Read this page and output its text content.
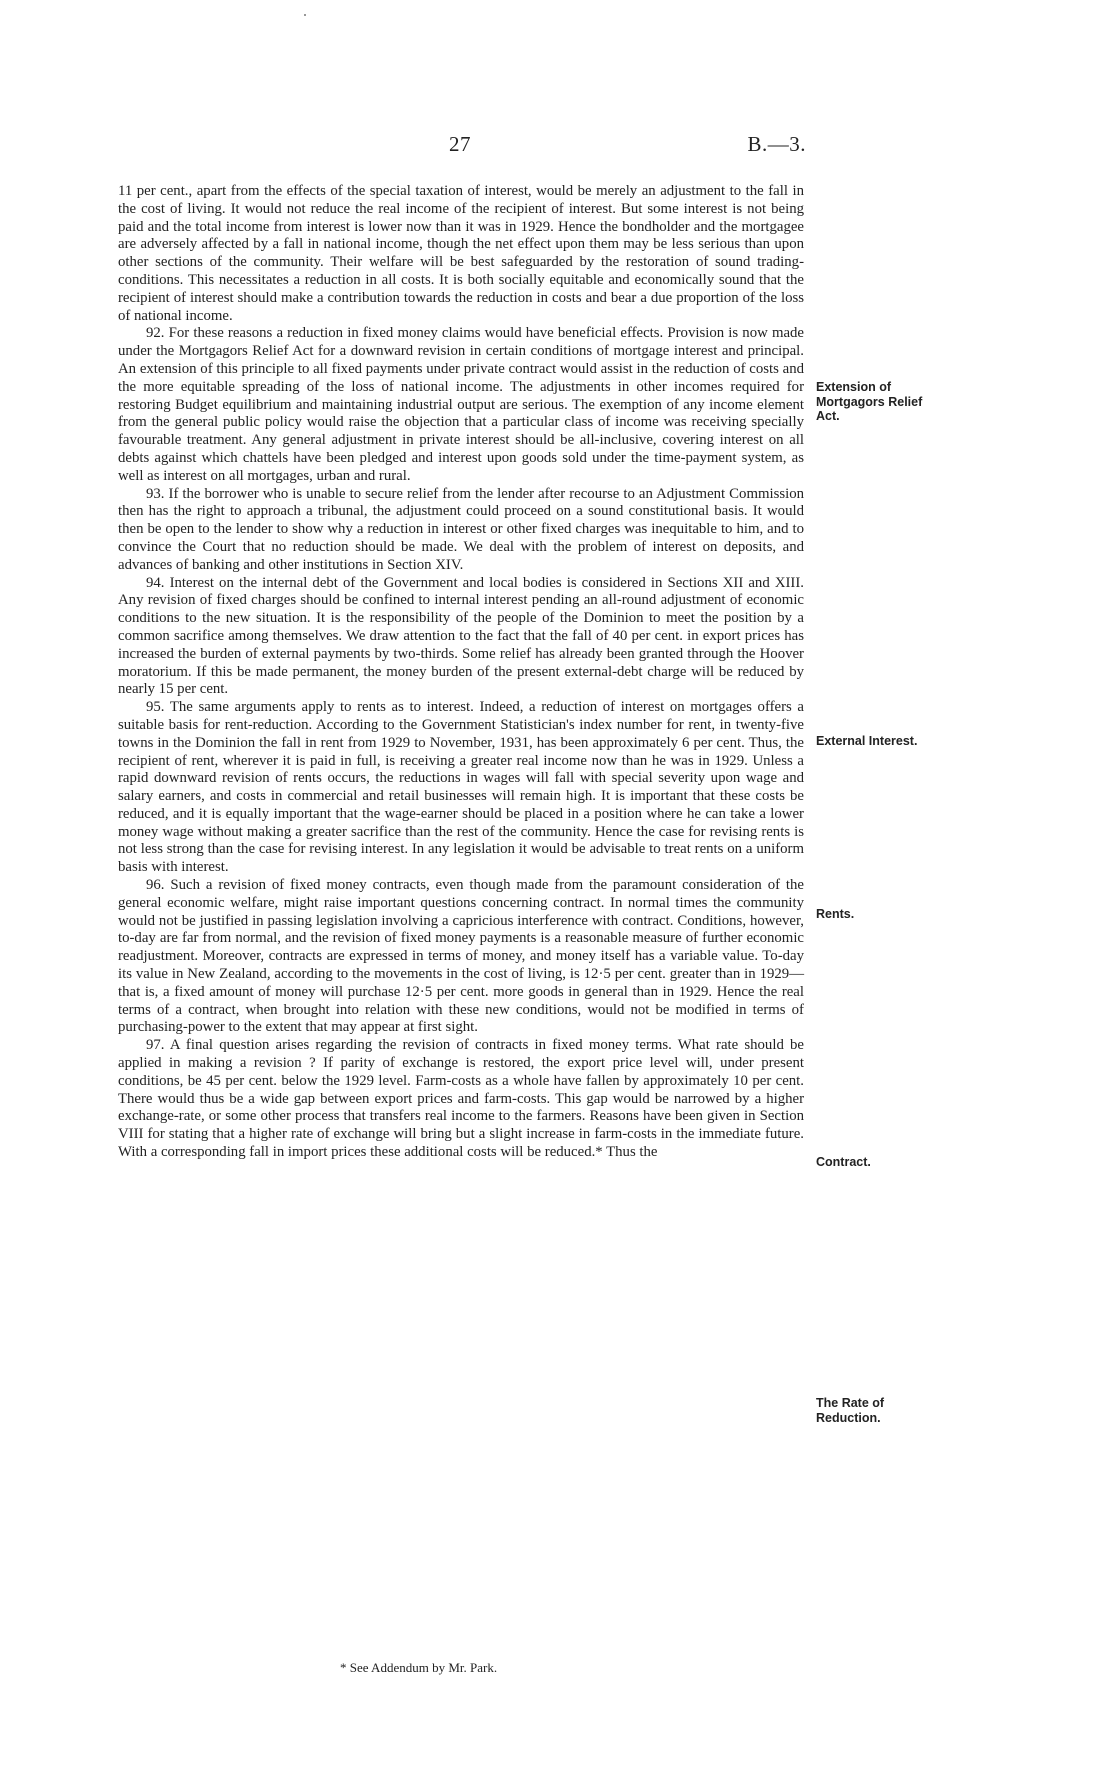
27	B.—3.

11 per cent., apart from the effects of the special taxation of interest, would be merely an adjustment to the fall in the cost of living. It would not reduce the real income of the recipient of interest. But some interest is not being paid and the total income from interest is lower now than it was in 1929. Hence the bondholder and the mortgagee are adversely affected by a fall in national income, though the net effect upon them may be less serious than upon other sections of the community. Their welfare will be best safeguarded by the restoration of sound trading-conditions. This necessitates a reduction in all costs. It is both socially equitable and economically sound that the recipient of interest should make a contribution towards the reduction in costs and bear a due proportion of the loss of national income.

92. For these reasons a reduction in fixed money claims would have beneficial effects. Provision is now made under the Mortgagors Relief Act for a downward revision in certain conditions of mortgage interest and principal. An extension of this principle to all fixed payments under private contract would assist in the reduction of costs and the more equitable spreading of the loss of national income. The adjustments in other incomes required for restoring Budget equilibrium and maintaining industrial output are serious. The exemption of any income element from the general public policy would raise the objection that a particular class of income was receiving specially favourable treatment. Any general adjustment in private interest should be all-inclusive, covering interest on all debts against which chattels have been pledged and interest upon goods sold under the time-payment system, as well as interest on all mortgages, urban and rural.

93. If the borrower who is unable to secure relief from the lender after recourse to an Adjustment Commission then has the right to approach a tribunal, the adjustment could proceed on a sound constitutional basis. It would then be open to the lender to show why a reduction in interest or other fixed charges was inequitable to him, and to convince the Court that no reduction should be made. We deal with the problem of interest on deposits, and advances of banking and other institutions in Section XIV.

94. Interest on the internal debt of the Government and local bodies is considered in Sections XII and XIII. Any revision of fixed charges should be confined to internal interest pending an all-round adjustment of economic conditions to the new situation. It is the responsibility of the people of the Dominion to meet the position by a common sacrifice among themselves. We draw attention to the fact that the fall of 40 per cent. in export prices has increased the burden of external payments by two-thirds. Some relief has already been granted through the Hoover moratorium. If this be made permanent, the money burden of the present external-debt charge will be reduced by nearly 15 per cent.

95. The same arguments apply to rents as to interest. Indeed, a reduction of interest on mortgages offers a suitable basis for rent-reduction. According to the Government Statistician's index number for rent, in twenty-five towns in the Dominion the fall in rent from 1929 to November, 1931, has been approximately 6 per cent. Thus, the recipient of rent, wherever it is paid in full, is receiving a greater real income now than he was in 1929. Unless a rapid downward revision of rents occurs, the reductions in wages will fall with special severity upon wage and salary earners, and costs in commercial and retail businesses will remain high. It is important that these costs be reduced, and it is equally important that the wage-earner should be placed in a position where he can take a lower money wage without making a greater sacrifice than the rest of the community. Hence the case for revising rents is not less strong than the case for revising interest. In any legislation it would be advisable to treat rents on a uniform basis with interest.

96. Such a revision of fixed money contracts, even though made from the paramount consideration of the general economic welfare, might raise important questions concerning contract. In normal times the community would not be justified in passing legislation involving a capricious interference with contract. Conditions, however, to-day are far from normal, and the revision of fixed money payments is a reasonable measure of further economic readjustment. Moreover, contracts are expressed in terms of money, and money itself has a variable value. To-day its value in New Zealand, according to the movements in the cost of living, is 12·5 per cent. greater than in 1929—that is, a fixed amount of money will purchase 12·5 per cent. more goods in general than in 1929. Hence the real terms of a contract, when brought into relation with these new conditions, would not be modified in terms of purchasing-power to the extent that may appear at first sight.

97. A final question arises regarding the revision of contracts in fixed money terms. What rate should be applied in making a revision ? If parity of exchange is restored, the export price level will, under present conditions, be 45 per cent. below the 1929 level. Farm-costs as a whole have fallen by approximately 10 per cent. There would thus be a wide gap between export prices and farm-costs. This gap would be narrowed by a higher exchange-rate, or some other process that transfers real income to the farmers. Reasons have been given in Section VIII for stating that a higher rate of exchange will bring but a slight increase in farm-costs in the immediate future. With a corresponding fall in import prices these additional costs will be reduced.* Thus the

Extension of Mortgagors Relief Act.
External Interest.
Rents.
Contract.
The Rate of Reduction.
* See Addendum by Mr. Park.
